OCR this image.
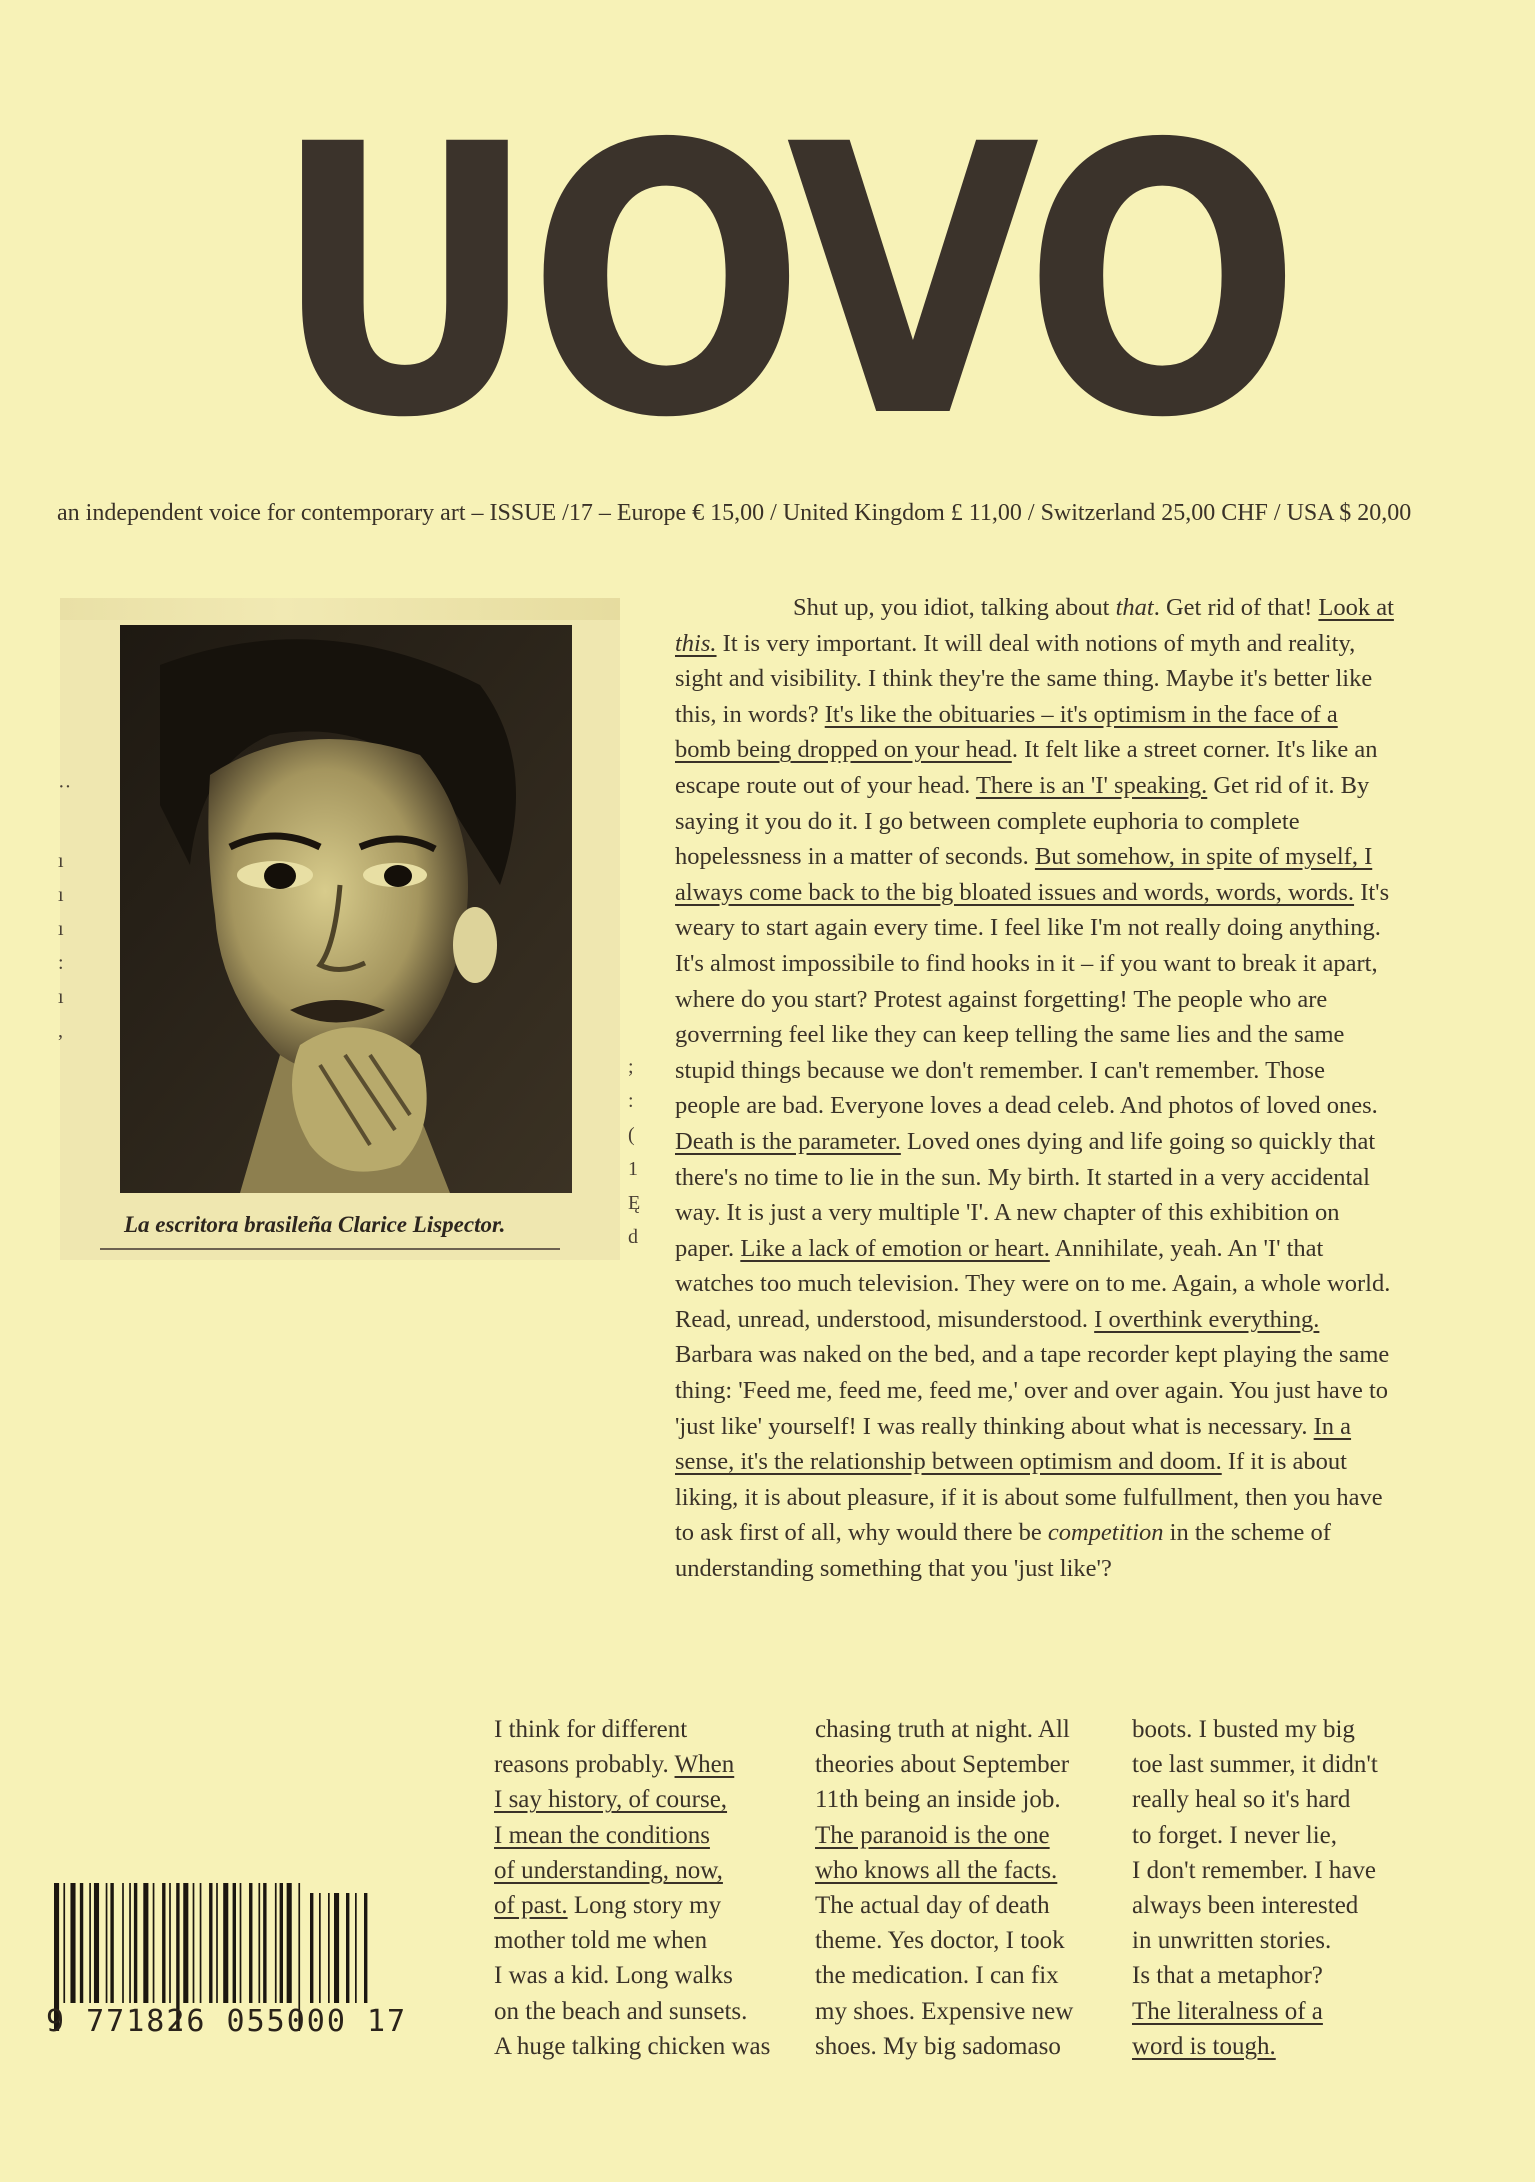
UOVO
an independent voice for contemporary art – ISSUE /17 – Europe € 15,00 / United Kingdom £ 11,00 / Switzerland 25,00 CHF / USA $ 20,00
La escritora brasileña Clarice Lispector.
··
ı
ı
ı
:
ı
,
;
:
(
1
Ę
d
Shut up, you idiot, talking about that. Get rid of that! Look at this. It is very important. It will deal with notions of myth and reality, sight and visibility. I think they're the same thing. Maybe it's better like this, in words? It's like the obituaries – it's optimism in the face of a bomb being dropped on your head. It felt like a street corner. It's like an escape route out of your head. There is an 'I' speaking. Get rid of it. By saying it you do it. I go between complete euphoria to complete hopelessness in a matter of seconds. But somehow, in spite of myself, I always come back to the big bloated issues and words, words, words. It's weary to start again every time. I feel like I'm not really doing anything. It's almost impossibile to find hooks in it – if you want to break it apart, where do you start? Protest against forgetting! The people who are goverrning feel like they can keep telling the same lies and the same stupid things because we don't remember. I can't remember. Those people are bad. Everyone loves a dead celeb. And photos of loved ones. Death is the parameter. Loved ones dying and life going so quickly that there's no time to lie in the sun. My birth. It started in a very accidental way. It is just a very multiple 'I'. A new chapter of this exhibition on paper. Like a lack of emotion or heart. Annihilate, yeah. An 'I' that watches too much television. They were on to me. Again, a whole world. Read, unread, understood, misunderstood. I overthink everything. Barbara was naked on the bed, and a tape recorder kept playing the same thing: 'Feed me, feed me, feed me,' over and over again. You just have to 'just like' yourself! I was really thinking about what is necessary. In a sense, it's the relationship between optimism and doom. If it is about liking, it is about pleasure, if it is about some fulfullment, then you have to ask first of all, why would there be competition in the scheme of understanding something that you 'just like'?
I think for different
reasons probably. When
I say history, of course,
I mean the conditions
of understanding, now,
of past. Long story my
mother told me when
I was a kid. Long walks
on the beach and sunsets.
A huge talking chicken was
chasing truth at night. All
theories about September
11th being an inside job.
The paranoid is the one
who knows all the facts.
The actual day of death
theme. Yes doctor, I took
the medication. I can fix
my shoes. Expensive new
shoes. My big sadomaso
boots. I busted my big
toe last summer, it didn't
really heal so it's hard
to forget. I never lie,
I don't remember. I have
always been interested
in unwritten stories.
Is that a metaphor?
The literalness of a
word is tough.
9 771826 055000 17
